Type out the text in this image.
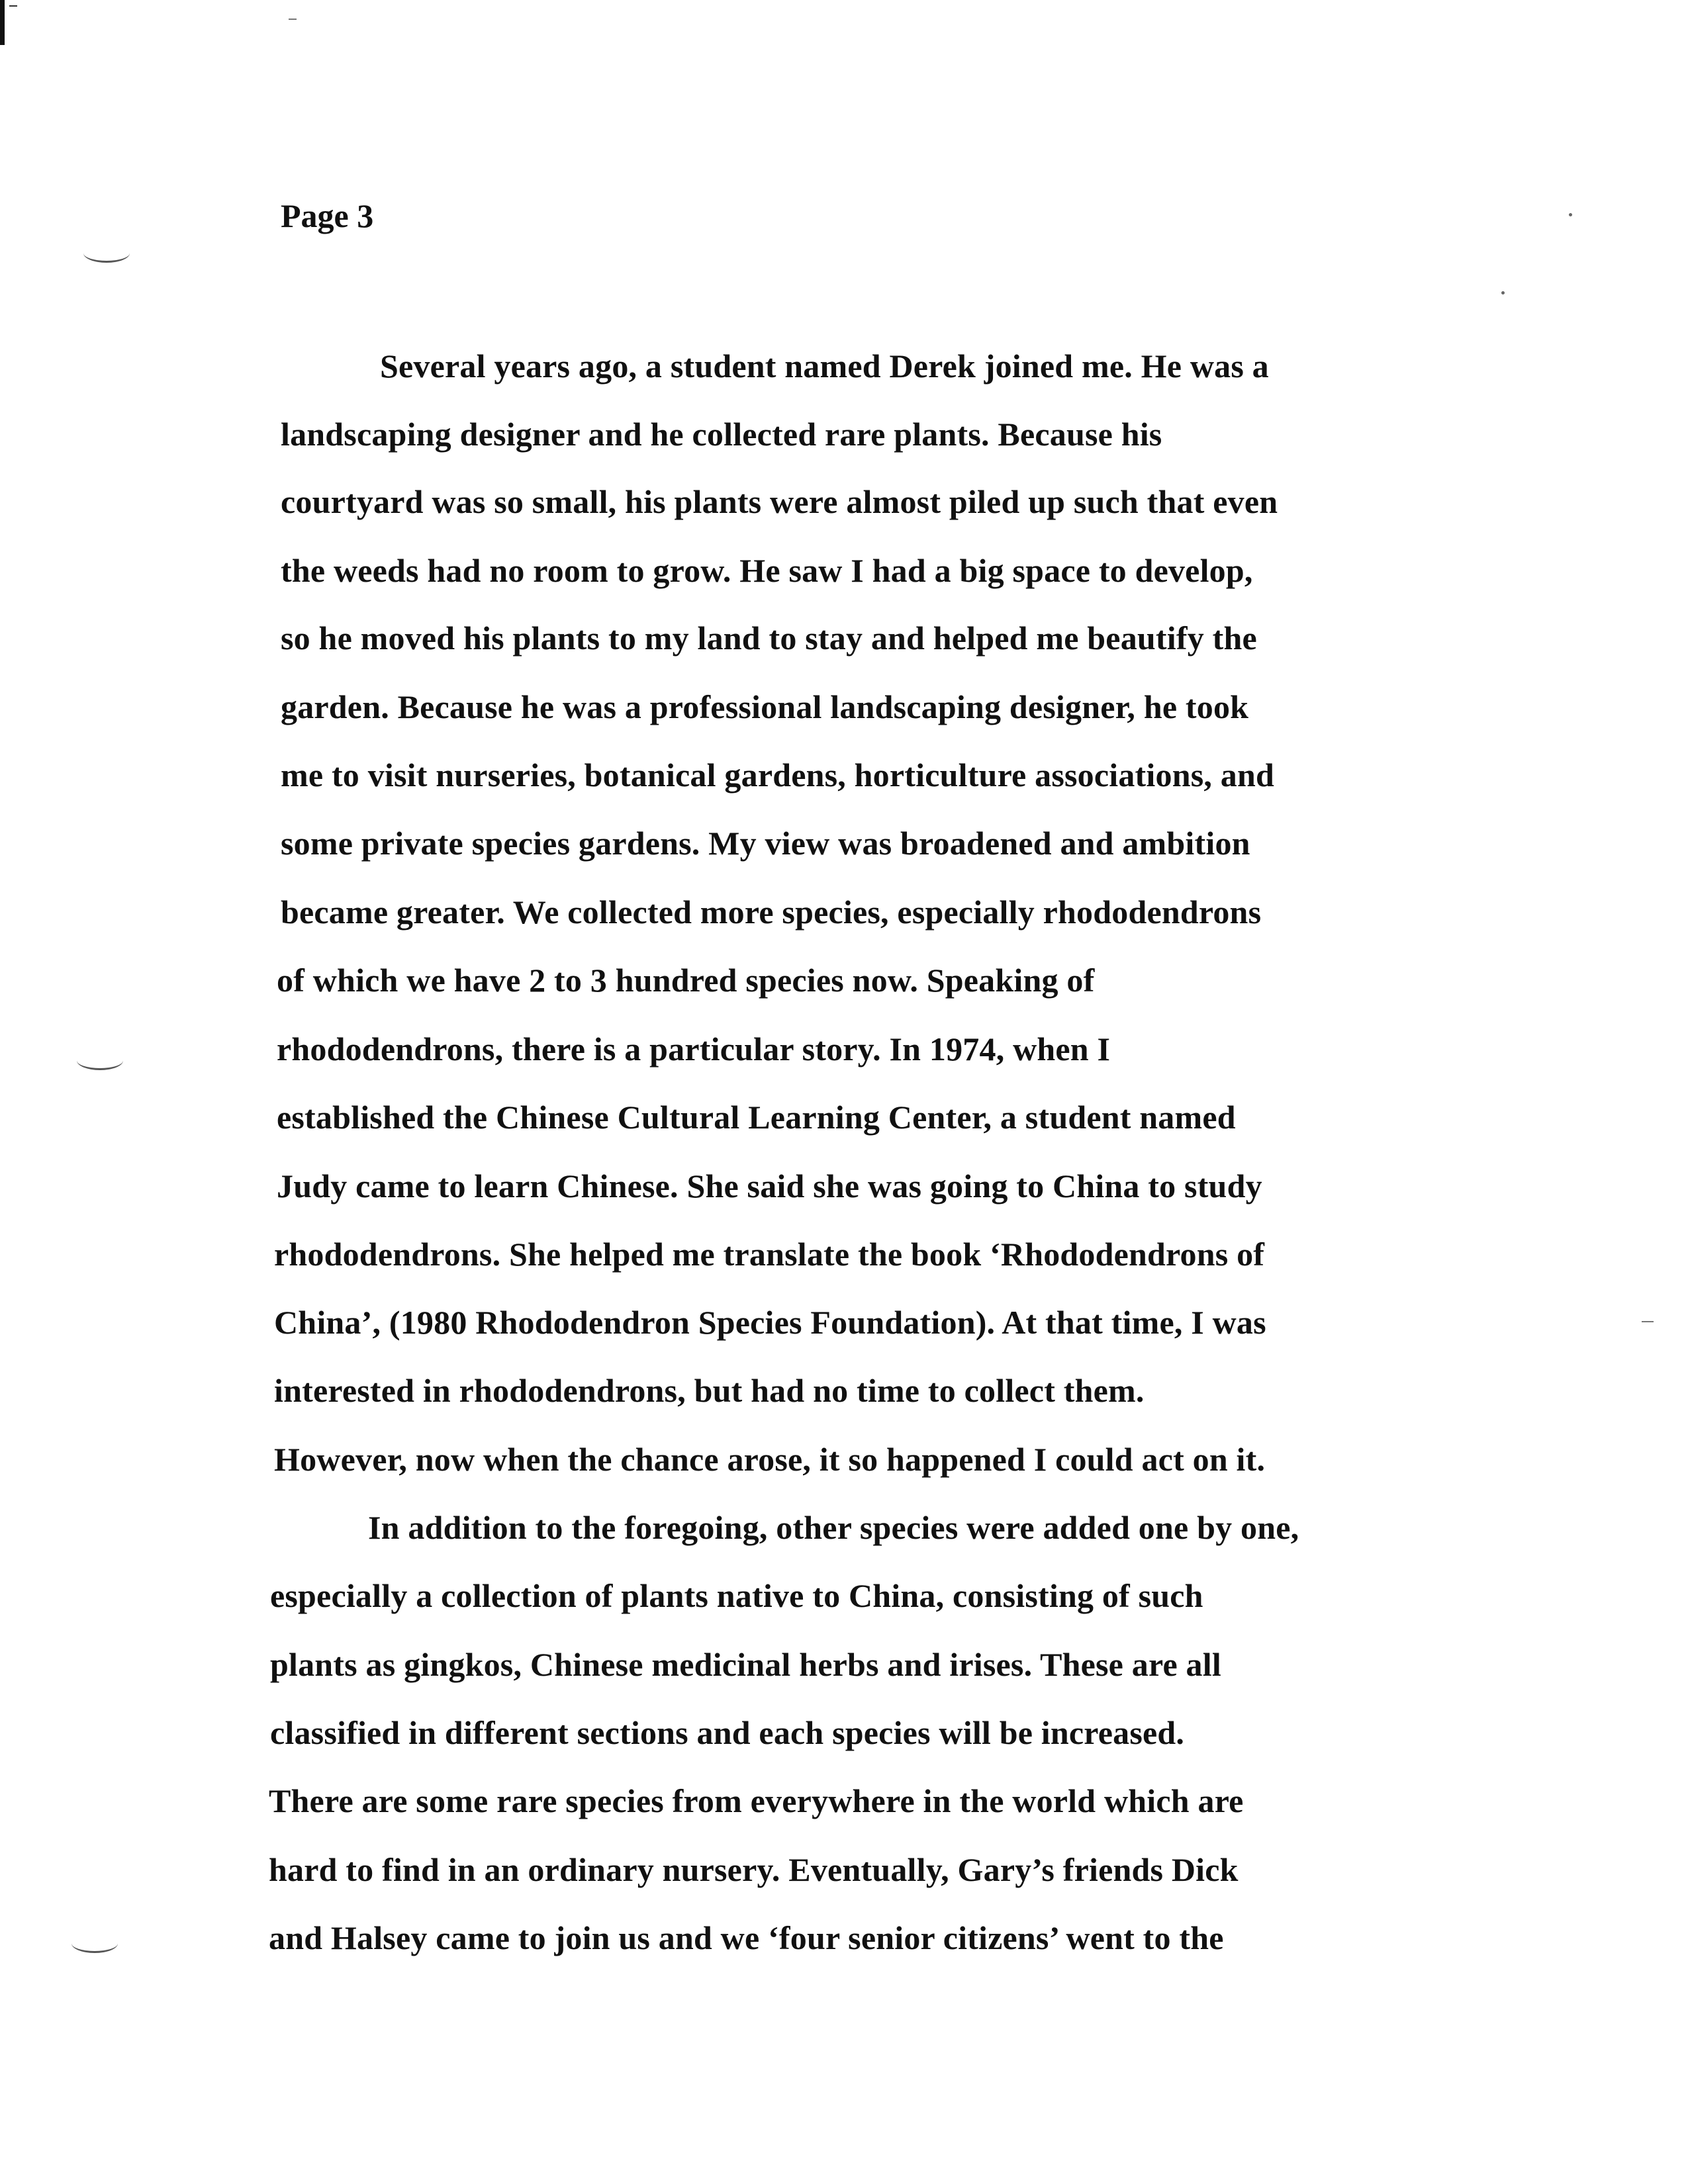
Page 3
Several years ago, a student named Derek joined me. He was a
landscaping designer and he collected rare plants. Because his
courtyard was so small, his plants were almost piled up such that even
the weeds had no room to grow. He saw I had a big space to develop,
so he moved his plants to my land to stay and helped me beautify the
garden. Because he was a professional landscaping designer, he took
me to visit nurseries, botanical gardens, horticulture associations, and
some private species gardens. My view was broadened and ambition
became greater. We collected more species, especially rhododendrons
of which we have 2 to 3 hundred species now. Speaking of
rhododendrons, there is a particular story. In 1974, when I
established the Chinese Cultural Learning Center, a student named
Judy came to learn Chinese. She said she was going to China to study
rhododendrons. She helped me translate the book ‘Rhododendrons of
China’, (1980 Rhododendron Species Foundation). At that time, I was
interested in rhododendrons, but had no time to collect them.
However, now when the chance arose, it so happened I could act on it.
In addition to the foregoing, other species were added one by one,
especially a collection of plants native to China, consisting of such
plants as gingkos, Chinese medicinal herbs and irises. These are all
classified in different sections and each species will be increased.
There are some rare species from everywhere in the world which are
hard to find in an ordinary nursery. Eventually, Gary’s friends Dick
and Halsey came to join us and we ‘four senior citizens’ went to the
